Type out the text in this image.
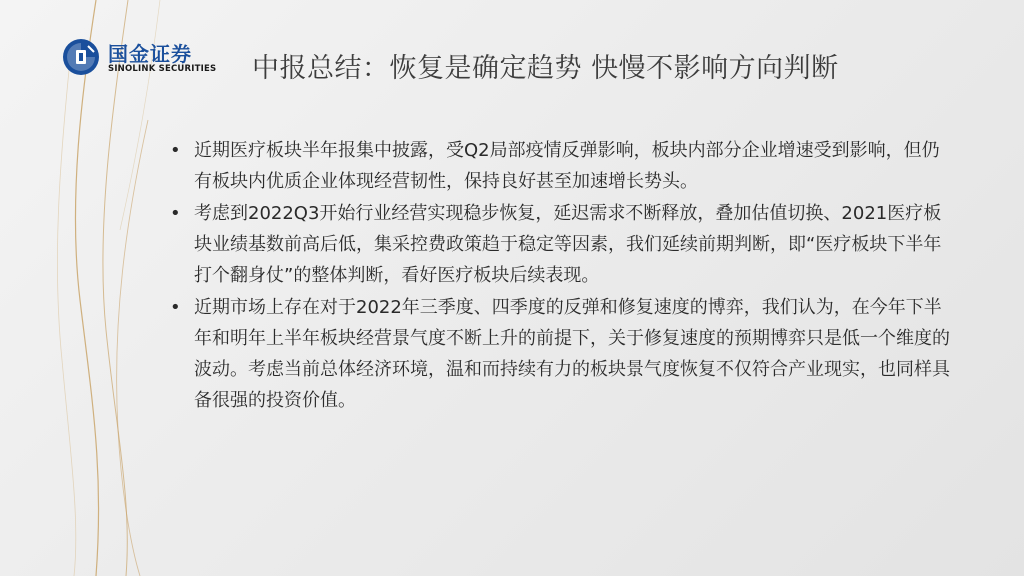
国金证券
SINOLINK SECURITIES 中报总结：恢复是确定趋势 快慢不影响方向判断
• 近期医疗板块半年报集中披露，受Q2局部疫情反弹影响，板块内部分企业增速受到影响，但仍有板块内优质企业体现经营韧性，保持良好甚至加速增长势头。
• 考虑到2022Q3开始行业经营实现稳步恢复，延迟需求不断释放，叠加估值切换、2021医疗板块业绩基数前高后低，集采控费政策趋于稳定等因素，我们延续前期判断，即“医疗板块下半年打个翻身仗”的整体判断，看好医疗板块后续表现。
• 近期市场上存在对于2022年三季度、四季度的反弹和修复速度的博弈，我们认为，在今年下半年和明年上半年板块经营景气度不断上升的前提下，关于修复速度的预期博弈只是低一个维度的波动。考虑当前总体经济环境，温和而持续有力的板块景气度恢复不仅符合产业现实，也同样具备很强的投资价值。
